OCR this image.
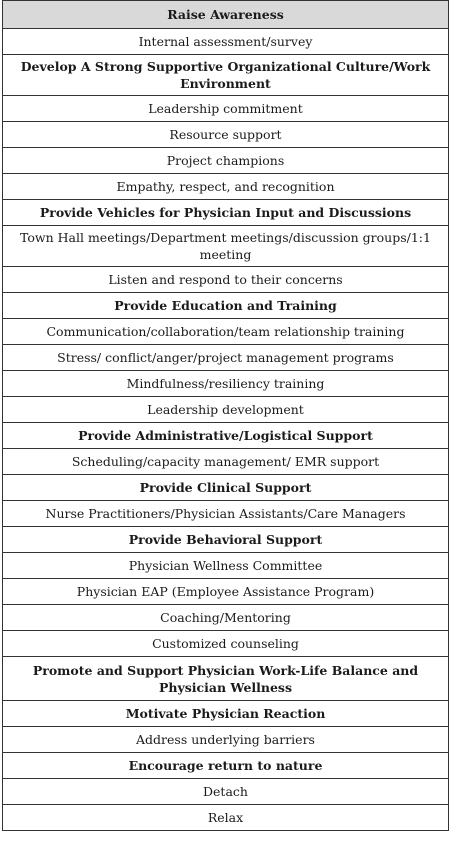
Raise Awareness
Internal assessment/survey
Develop A Strong Supportive Organizational Culture/Work Environment
Leadership commitment
Resource support
Project champions
Empathy, respect, and recognition
Provide Vehicles for Physician Input and Discussions
Town Hall meetings/Department meetings/discussion groups/1:1 meeting
Listen and respond to their concerns
Provide Education and Training
Communication/collaboration/team relationship training
Stress/ conflict/anger/project management programs
Mindfulness/resiliency training
Leadership development
Provide Administrative/Logistical Support
Scheduling/capacity management/ EMR support
Provide Clinical Support
Nurse Practitioners/Physician Assistants/Care Managers
Provide Behavioral Support
Physician Wellness Committee
Physician EAP (Employee Assistance Program)
Coaching/Mentoring
Customized counseling
Promote and Support Physician Work-Life Balance and Physician Wellness
Motivate Physician Reaction
Address underlying barriers
Encourage return to nature
Detach
Relax
